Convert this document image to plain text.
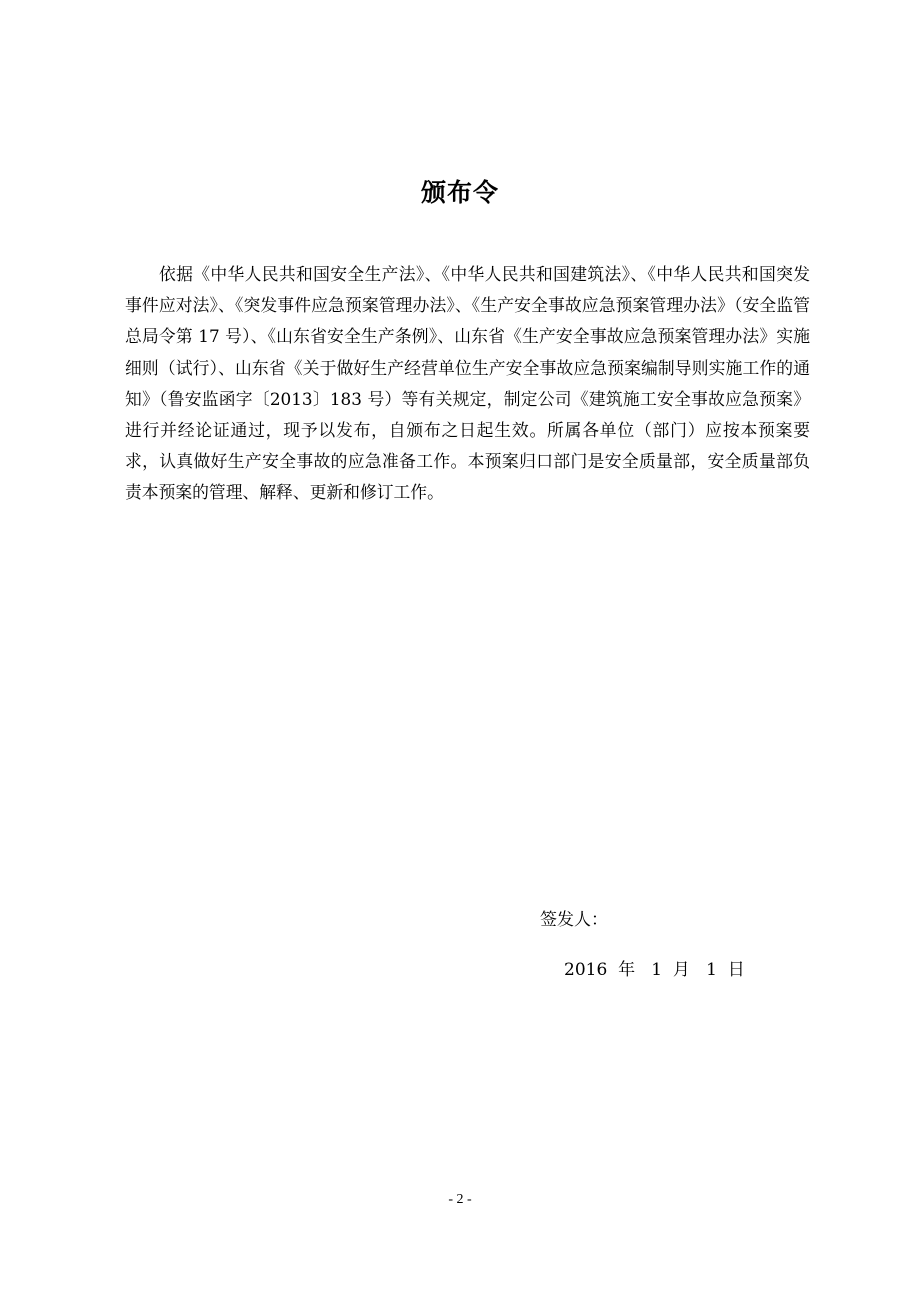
颁布令

依据《中华人民共和国安全生产法》、《中华人民共和国建筑法》、《中华人民共和国突发事件应对法》、《突发事件应急预案管理办法》、《生产安全事故应急预案管理办法》（安全监管总局令第 17 号）、《山东省安全生产条例》、山东省《生产安全事故应急预案管理办法》实施细则（试行）、山东省《关于做好生产经营单位生产安全事故应急预案编制导则实施工作的通知》（鲁安监函字〔2013〕183 号）等有关规定，制定公司《建筑施工安全事故应急预案》进行并经论证通过，现予以发布，自颁布之日起生效。所属各单位（部门）应按本预案要求，认真做好生产安全事故的应急准备工作。本预案归口部门是安全质量部，安全质量部负责本预案的管理、解释、更新和修订工作。

签发人：
2016  年   1  月   1  日
- 2 -
